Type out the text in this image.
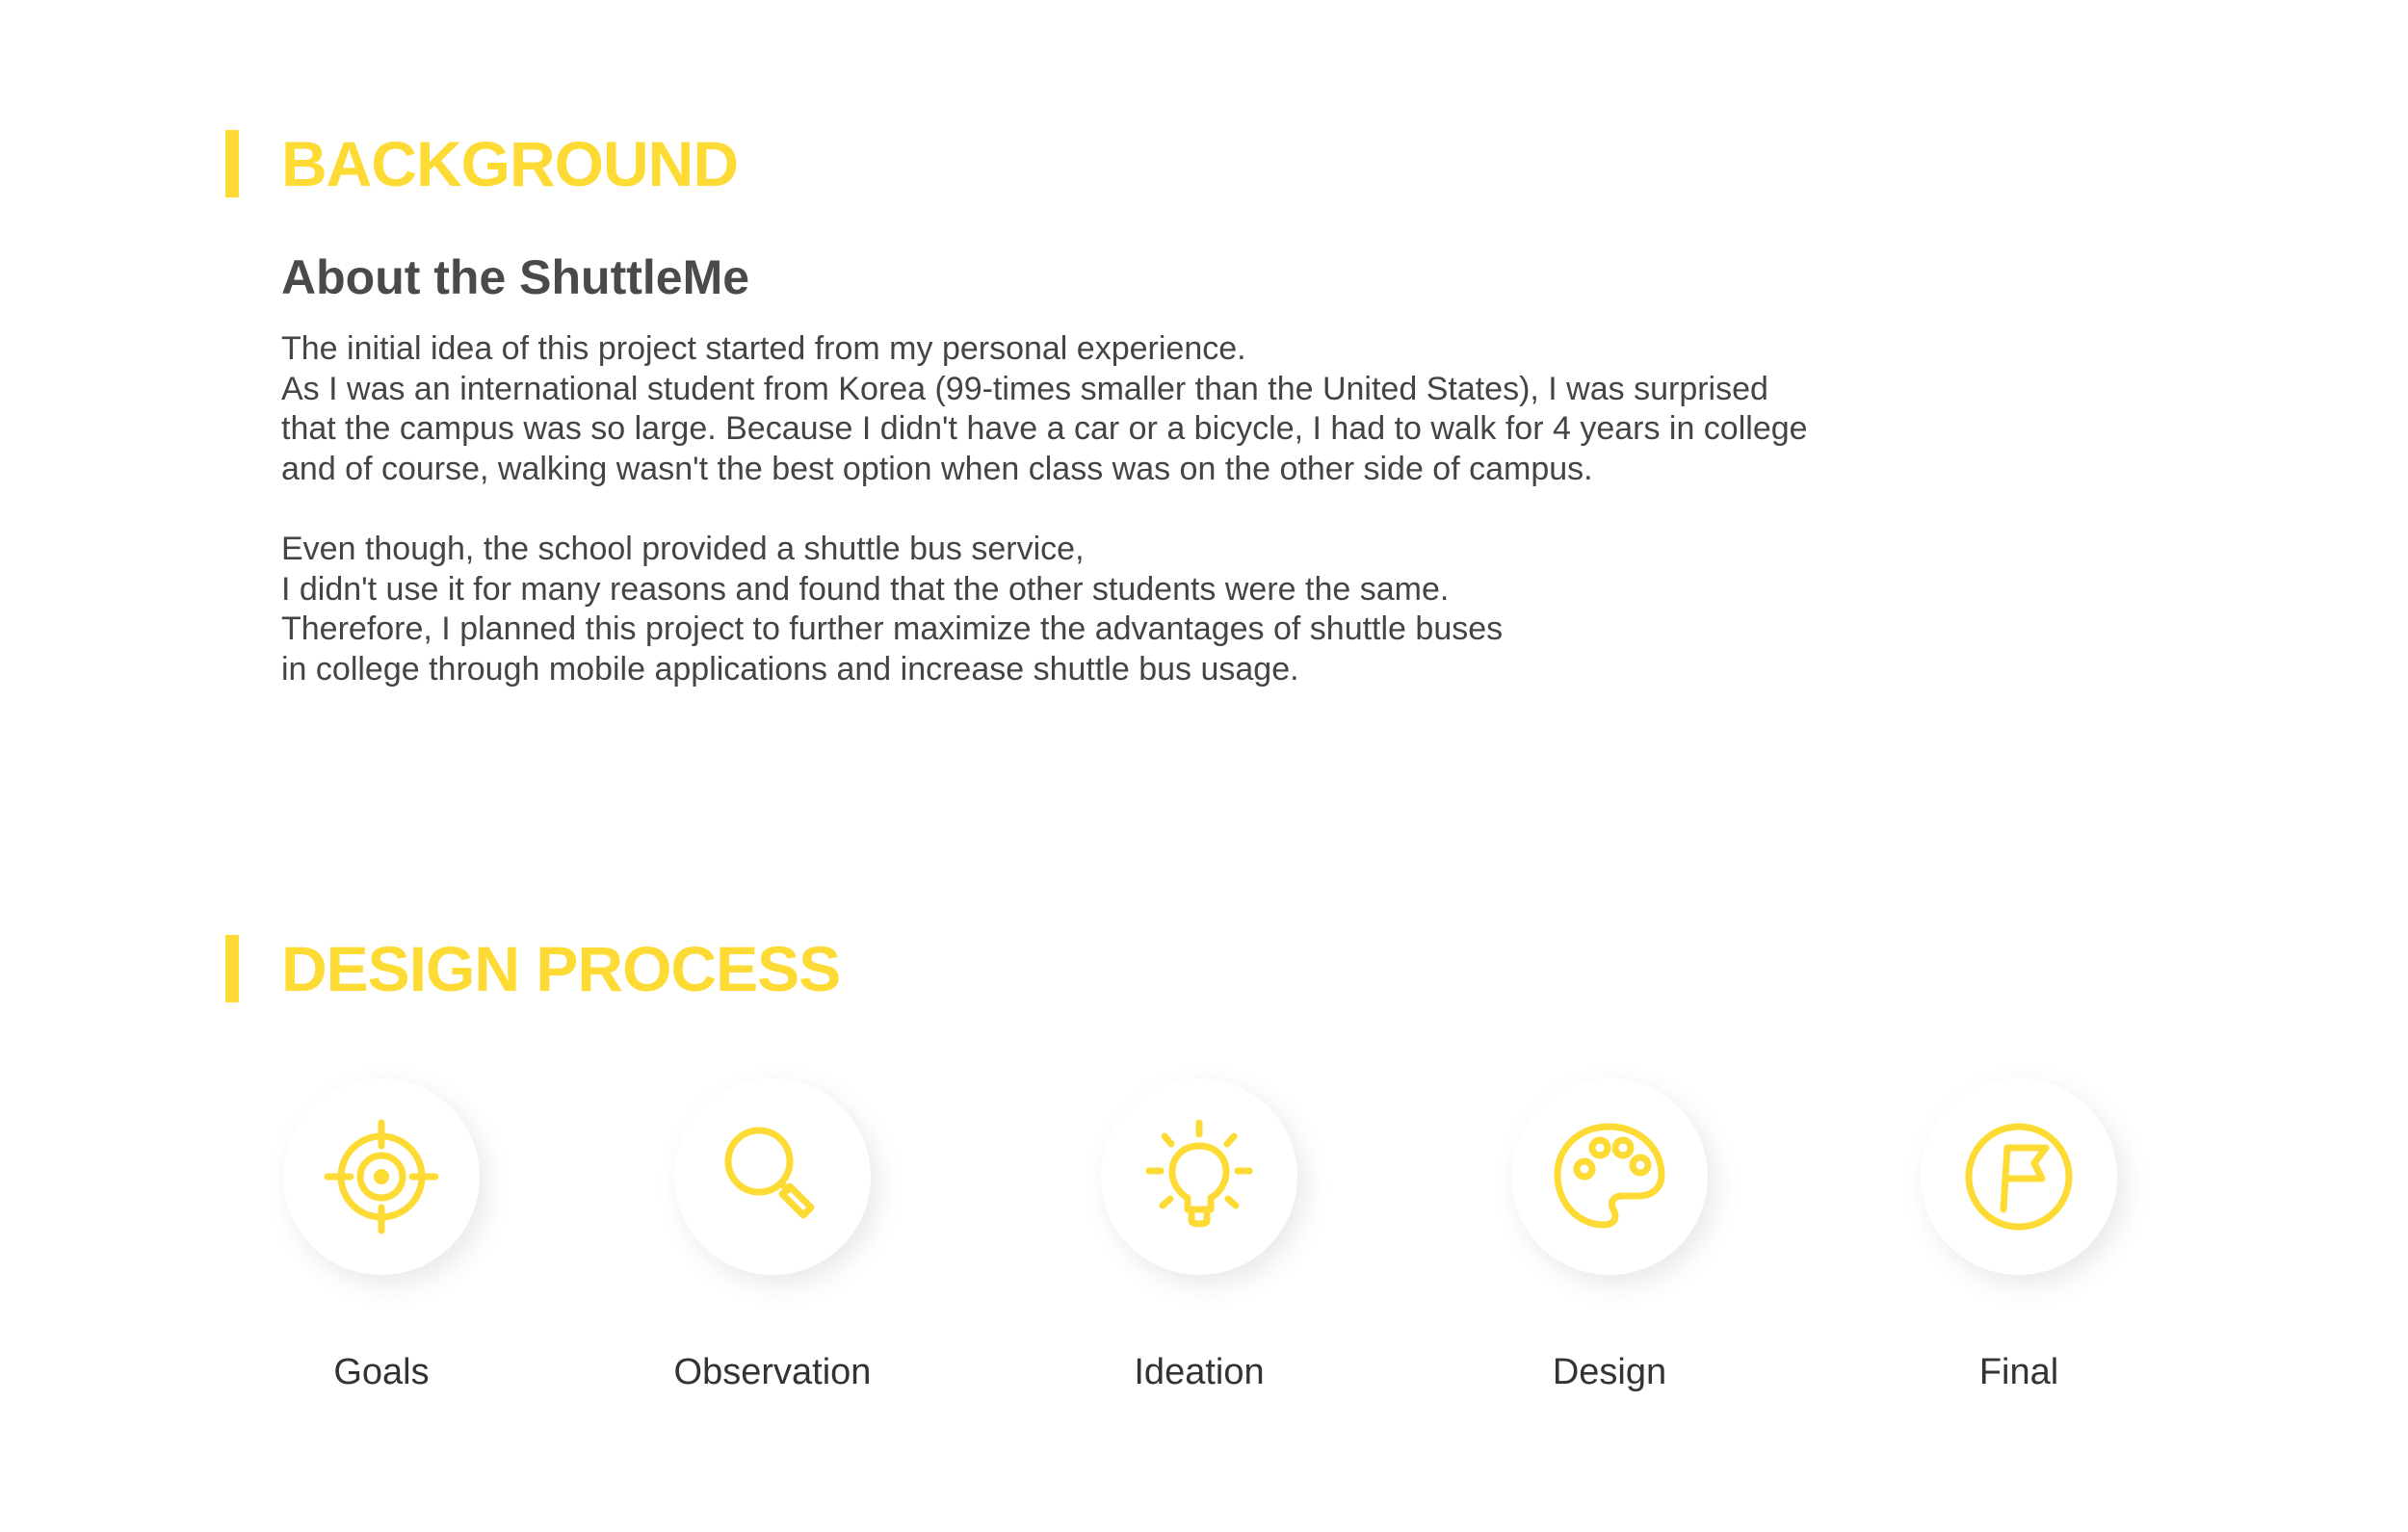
BACKGROUND
About the ShuttleMe
The initial idea of this project started from my personal experience.
As I was an international student from Korea (99-times smaller than the United States), I was surprised
that the campus was so large. Because I didn't have a car or a bicycle, I had to walk for 4 years in college
and of course, walking wasn't the best option when class was on the other side of campus.
Even though, the school provided a shuttle bus service,
I didn't use it for many reasons and found that the other students were the same.
Therefore, I planned this project to further maximize the advantages of shuttle buses
in college through mobile applications and increase shuttle bus usage.
DESIGN PROCESS
Goals	Observation	Ideation	Design	Final
